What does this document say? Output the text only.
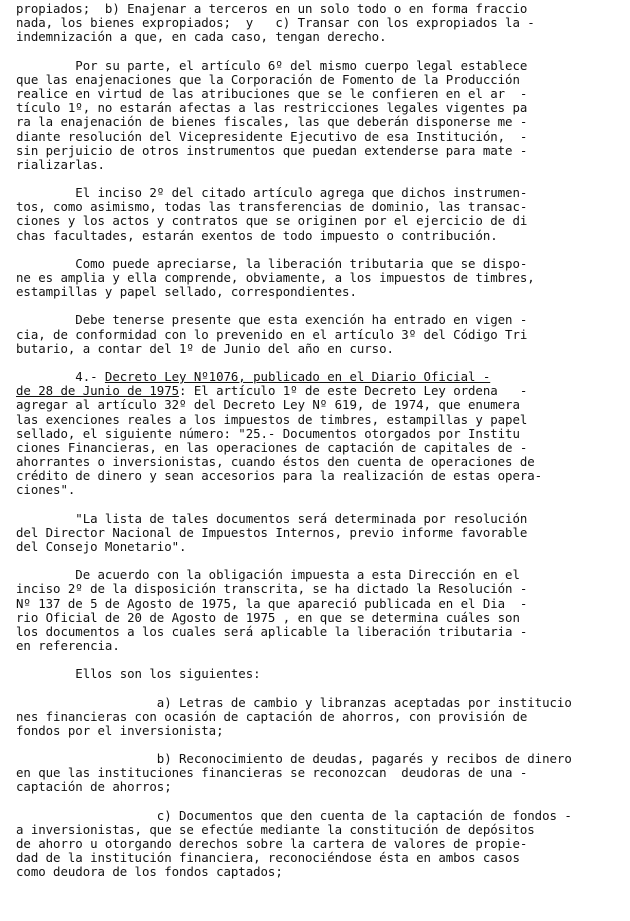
propiados;  b) Enajenar a terceros en un solo todo o en forma fraccio
nada, los bienes expropiados;  y   c) Transar con los expropiados la -
indemnización a que, en cada caso, tengan derecho.
Por su parte, el artículo 6º del mismo cuerpo legal establece
que las enajenaciones que la Corporación de Fomento de la Producción
realice en virtud de las atribuciones que se le confieren en el ar  -
tículo 1º, no estarán afectas a las restricciones legales vigentes pa
ra la enajenación de bienes fiscales, las que deberán disponerse me -
diante resolución del Vicepresidente Ejecutivo de esa Institución,  -
sin perjuicio de otros instrumentos que puedan extenderse para mate -
rializarlas.
El inciso 2º del citado artículo agrega que dichos instrumen-
tos, como asimismo, todas las transferencias de dominio, las transac-
ciones y los actos y contratos que se originen por el ejercicio de di
chas facultades, estarán exentos de todo impuesto o contribución.
Como puede apreciarse, la liberación tributaria que se dispo-
ne es amplia y ella comprende, obviamente, a los impuestos de timbres,
estampillas y papel sellado, correspondientes.
Debe tenerse presente que esta exención ha entrado en vigen -
cia, de conformidad con lo prevenido en el artículo 3º del Código Tri
butario, a contar del 1º de Junio del año en curso.
4.- Decreto Ley Nº1076, publicado en el Diario Oficial -
de 28 de Junio de 1975: El artículo 1º de este Decreto Ley ordena   -
agregar al artículo 32º del Decreto Ley Nº 619, de 1974, que enumera
las exenciones reales a los impuestos de timbres, estampillas y papel
sellado, el siguiente número: "25.- Documentos otorgados por Institu
ciones Financieras, en las operaciones de captación de capitales de -
ahorrantes o inversionistas, cuando éstos den cuenta de operaciones de
crédito de dinero y sean accesorios para la realización de estas opera-
ciones".
"La lista de tales documentos será determinada por resolución
del Director Nacional de Impuestos Internos, previo informe favorable
del Consejo Monetario".
De acuerdo con la obligación impuesta a esta Dirección en el
inciso 2º de la disposición transcrita, se ha dictado la Resolución -
Nº 137 de 5 de Agosto de 1975, la que apareció publicada en el Dia  -
rio Oficial de 20 de Agosto de 1975 , en que se determina cuáles son
los documentos a los cuales será aplicable la liberación tributaria -
en referencia.
Ellos son los siguientes:
a) Letras de cambio y libranzas aceptadas por institucio
nes financieras con ocasión de captación de ahorros, con provisión de
fondos por el inversionista;
b) Reconocimiento de deudas, pagarés y recibos de dinero
en que las instituciones financieras se reconozcan  deudoras de una -
captación de ahorros;
c) Documentos que den cuenta de la captación de fondos -
a inversionistas, que se efectúe mediante la constitución de depósitos
de ahorro u otorgando derechos sobre la cartera de valores de propie-
dad de la institución financiera, reconociéndose ésta en ambos casos
como deudora de los fondos captados;
